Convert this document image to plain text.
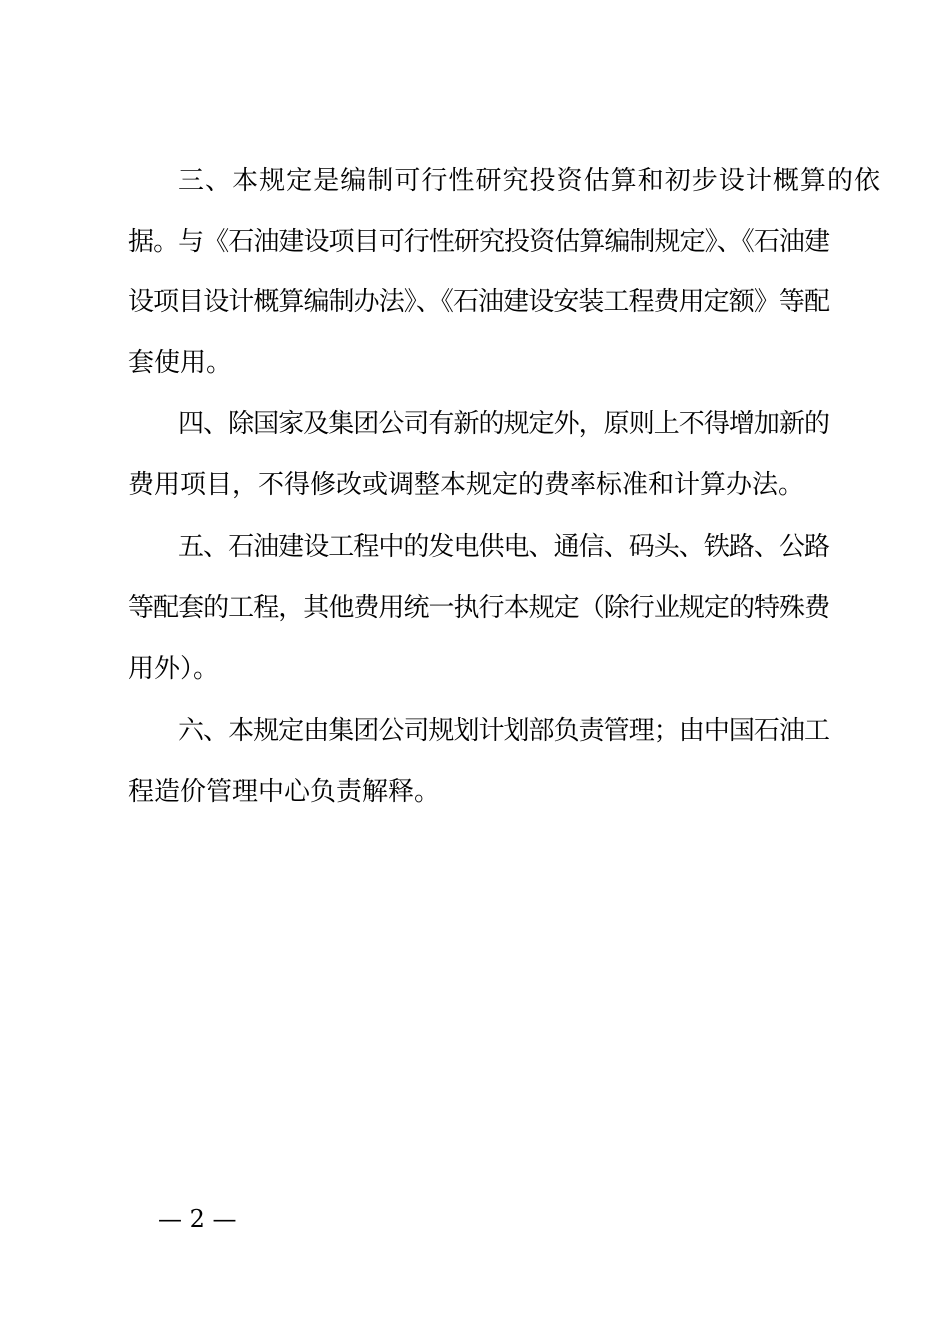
三、本规定是编制可行性研究投资估算和初步设计概算的依

据。与《石油建设项目可行性研究投资估算编制规定》、《石油建

设项目设计概算编制办法》、《石油建设安装工程费用定额》等配

套使用。

四、除国家及集团公司有新的规定外，原则上不得增加新的

费用项目，不得修改或调整本规定的费率标准和计算办法。

五、石油建设工程中的发电供电、通信、码头、铁路、公路

等配套的工程，其他费用统一执行本规定（除行业规定的特殊费

用外）。

六、本规定由集团公司规划计划部负责管理；由中国石油工

程造价管理中心负责解释。

— 2 —
